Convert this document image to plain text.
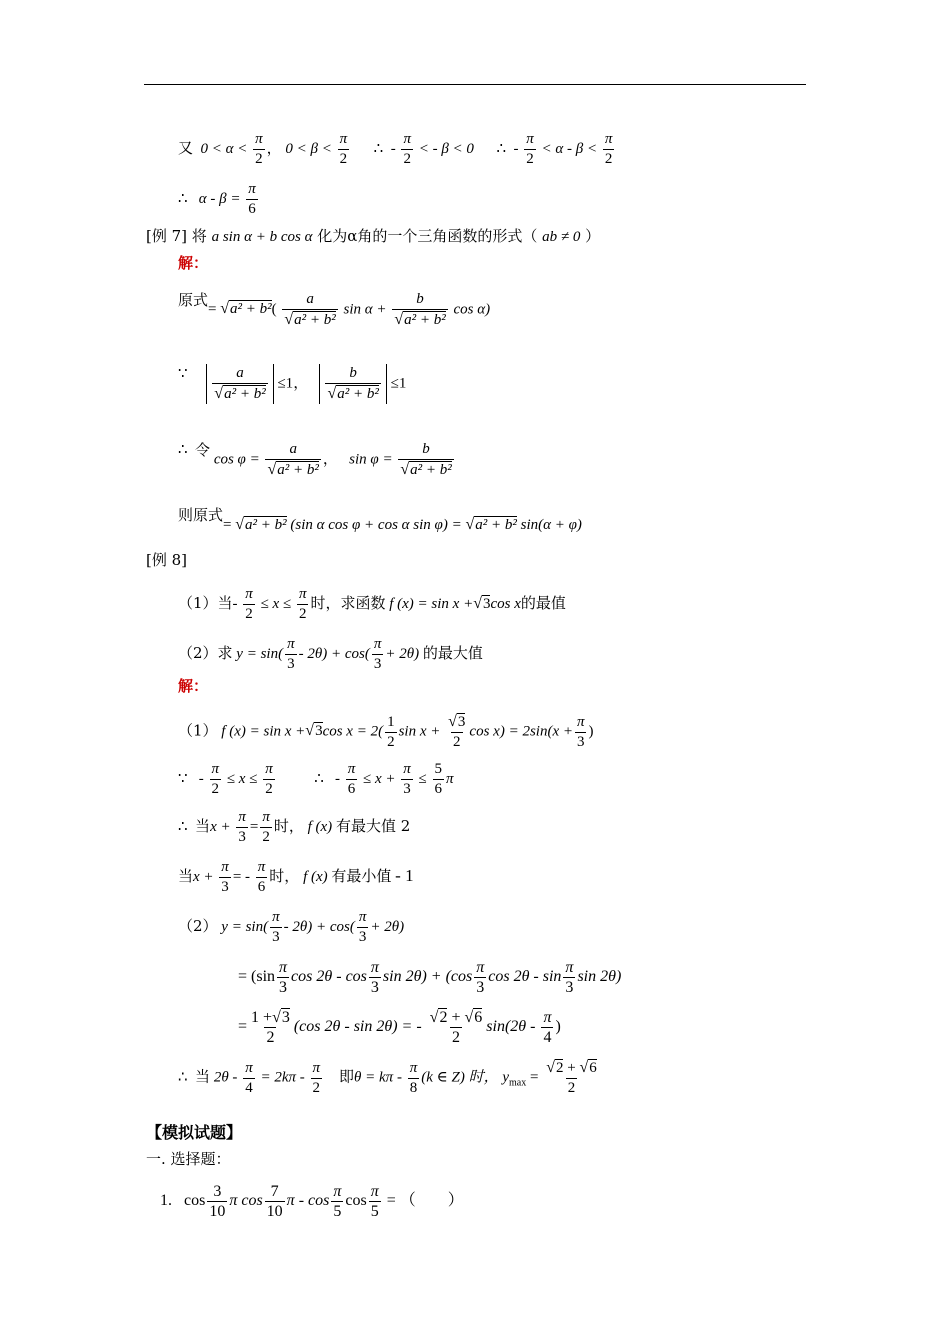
又 $0 < \alpha < \frac{\pi}{2}$ ， $0 < \beta < \frac{\pi}{2}$ ∴ - $\frac{\pi}{2}$ < - β < 0 ∴ - $\frac{\pi}{2} < \alpha - \beta < \frac{\pi}{2}$
∴ $\alpha - \beta = \frac{\pi}{6}$
[例 7] 将 a sin α + b cos α 化为α角的一个三角函数的形式（ ab ≠ 0 ）
解：
原式= $√a^2 + b^2( \frac{a}{\text{√a² + b²}}$ $\sin \alpha + \frac{b}{\text{√a² + b²}}$ cos α)
∵ $\frac{a}{\text{√a² + b²}} \le 1$， $\frac{b}{\text{√a² + b²}} \le 1$
∴ 令 $\cos \varphi = \frac{a}{\text{√a² + b²}}$ ， $\sin \varphi = \frac{b}{\text{√a² + b²}}$
则原式= √a² + b² (sin α cos φ + cos α sin φ) = √a² + b² sin(α + φ)
[例 8]
（1）当- $\frac{\pi}{2} \le x \le \frac{\pi}{2}$ 时，求函数 f (x) = sin x +√3cos x的最值
（2）求 $y = \sin( \frac{\pi}{3} - 2\theta) + \cos( \frac{\pi}{3} + 2\theta)$ 的最大值
解：
（1） f (x) = sin x +√3cos $x = 2( \frac{1}{2}$ $\sin x + \frac{√3}{2}$ $\cos x) = 2\sin(x + \frac{\pi}{3}$ )
∵ - $\frac{\pi}{2} \le x \le \frac{\pi}{2}$	∴ - $\frac{\pi}{6} \le x + \frac{\pi}{3} \le \frac{5}{6}$ π
∴ 当$x + \frac{\pi}{3} = \frac{\pi}{2}$ 时， f (x) 有最大值 2
当$x + \frac{\pi}{3}$ = - $\frac{\pi}{6}$ 时， f (x) 有最小值 - 1
（2） $y = \sin( \frac{\pi}{3} - 2\theta) + \cos( \frac{\pi}{3} + 2\theta)$
= ($\sin \frac{\pi}{3}$ $\cos 2\theta - \cos \frac{\pi}{3}$ $\sin 2\theta) + (\cos \frac{\pi}{3}$ $\cos 2\theta - \sin \frac{\pi}{3}$ sin 2θ)
= $\frac{1 +√3}{2} (\cos$ 2θ - sin 2θ) = - $\frac{√2 + √6}{2} \sin(2\theta - \frac{\pi}{4}$ )
∴ 当 $2\theta - \frac{\pi}{4} = 2k\pi - \frac{\pi}{2}$ 即$\theta = k\pi - \frac{\pi}{8} (k$ ∈ Z) 时， $y_{max} = \frac{√2 + √6}{2}$
【模拟试题】
一. 选择题：
1. $\cos \frac{3}{10}$ π $\cos \frac{7}{10}$ π - $\cos \frac{\pi}{5}$ $\cos \frac{\pi}{5}$ = （　　）
